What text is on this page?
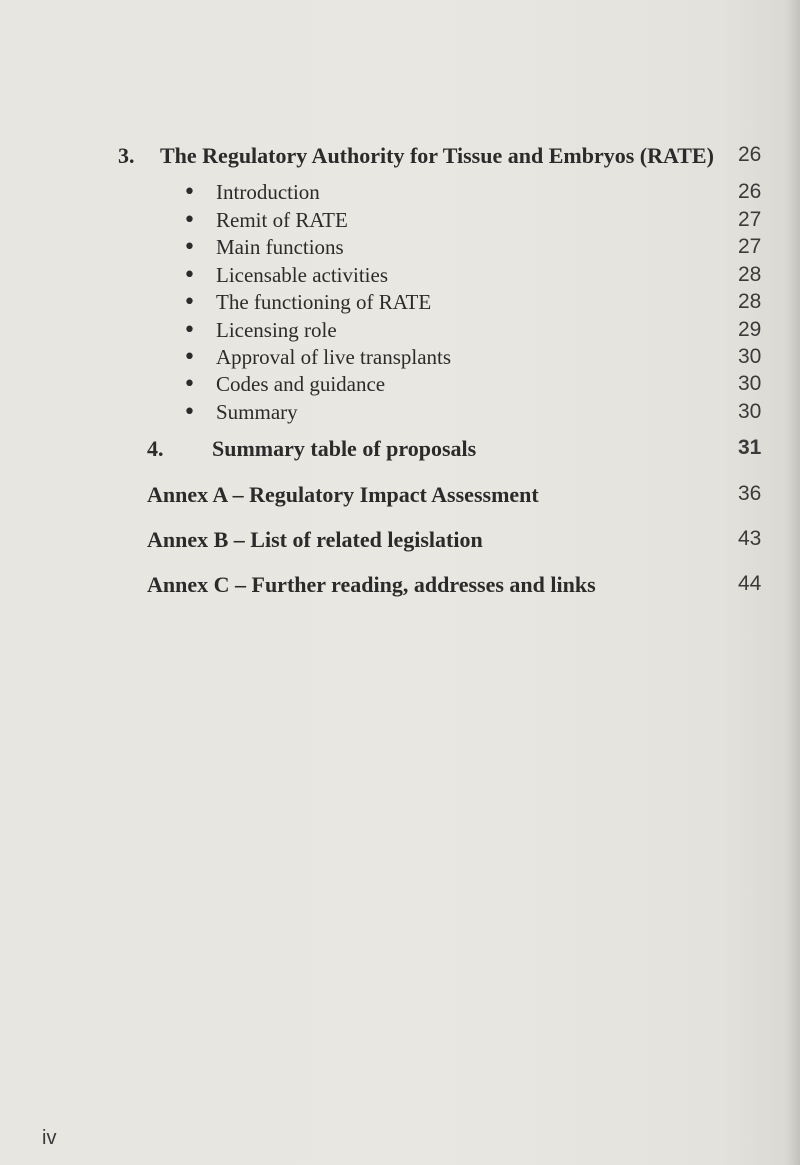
3. The Regulatory Authority for Tissue and Embryos (RATE) 26
• Introduction	26
• Remit of RATE	27
• Main functions	27
• Licensable activities	28
• The functioning of RATE	28
• Licensing role	29
• Approval of live transplants	30
• Codes and guidance	30
• Summary	30
4. Summary table of proposals	31
Annex A – Regulatory Impact Assessment	36
Annex B – List of related legislation	43
Annex C – Further reading, addresses and links	44
iv
